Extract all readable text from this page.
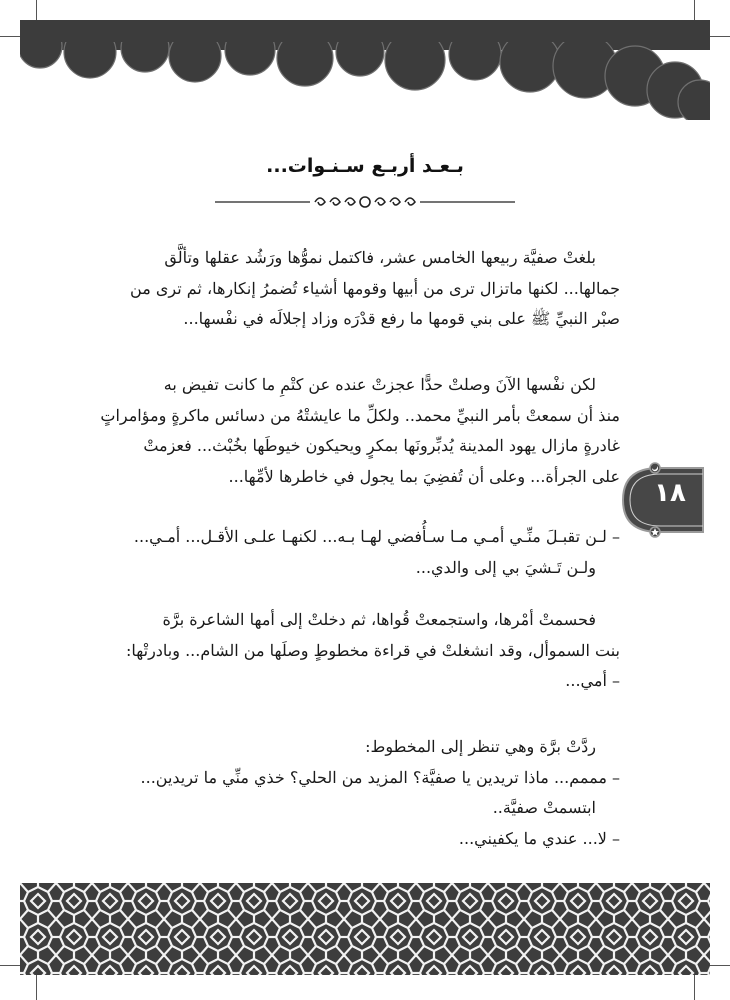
بـعـد أربـع سـنـوات...

بلغتْ صفيَّة ربيعها الخامس عشر، فاكتمل نموُّها ورَشُد عقلها وتألَّق

جمالها... لكنها ماتزال ترى من أبيها وقومها أشياء تُضمرُ إنكارها، ثم ترى من

صبْر النبيِّ ﷺ على بني قومها ما رفع قدْرَه وزاد إجلالَه في نفْسها...

لكن نفْسها الآنَ وصلتْ حدًّا عجزتْ عنده عن كتْمِ ما كانت تفيض به

منذ أن سمعتْ بأمر النبيِّ محمد.. ولكلِّ ما عايشتْهُ من دسائس ماكرةٍ ومؤامراتٍ

غادرةٍ مازال يهود المدينة يُدبِّرونَها بمكرٍ ويحيكون خيوطَها بخُبْث... فعزمتْ

على الجرأة... وعلى أن تُفضِيَ بما يجول في خاطرها لأمِّها...

– لـن تقبـلَ منِّـي أمـي مـا سـأُفضي لهـا بـه... لكنهـا علـى الأقـل... أمـي...

ولـن تَـشيَ بي إلى والدي...

فحسمتْ أمْرها، واستجمعتْ قُواها، ثم دخلتْ إلى أمها الشاعرة برَّة

بنت السموأل، وقد انشغلتْ في قراءة مخطوطٍ وصلَها من الشام... وبادرتْها:

– أمي...

ردَّتْ برَّة وهي تنظر إلى المخطوط:

– مممم... ماذا تريدين يا صفيَّة؟ المزيد من الحلي؟ خذي منِّي ما تريدين...

ابتسمتْ صفيَّة..

– لا... عندي ما يكفيني...

١٨
